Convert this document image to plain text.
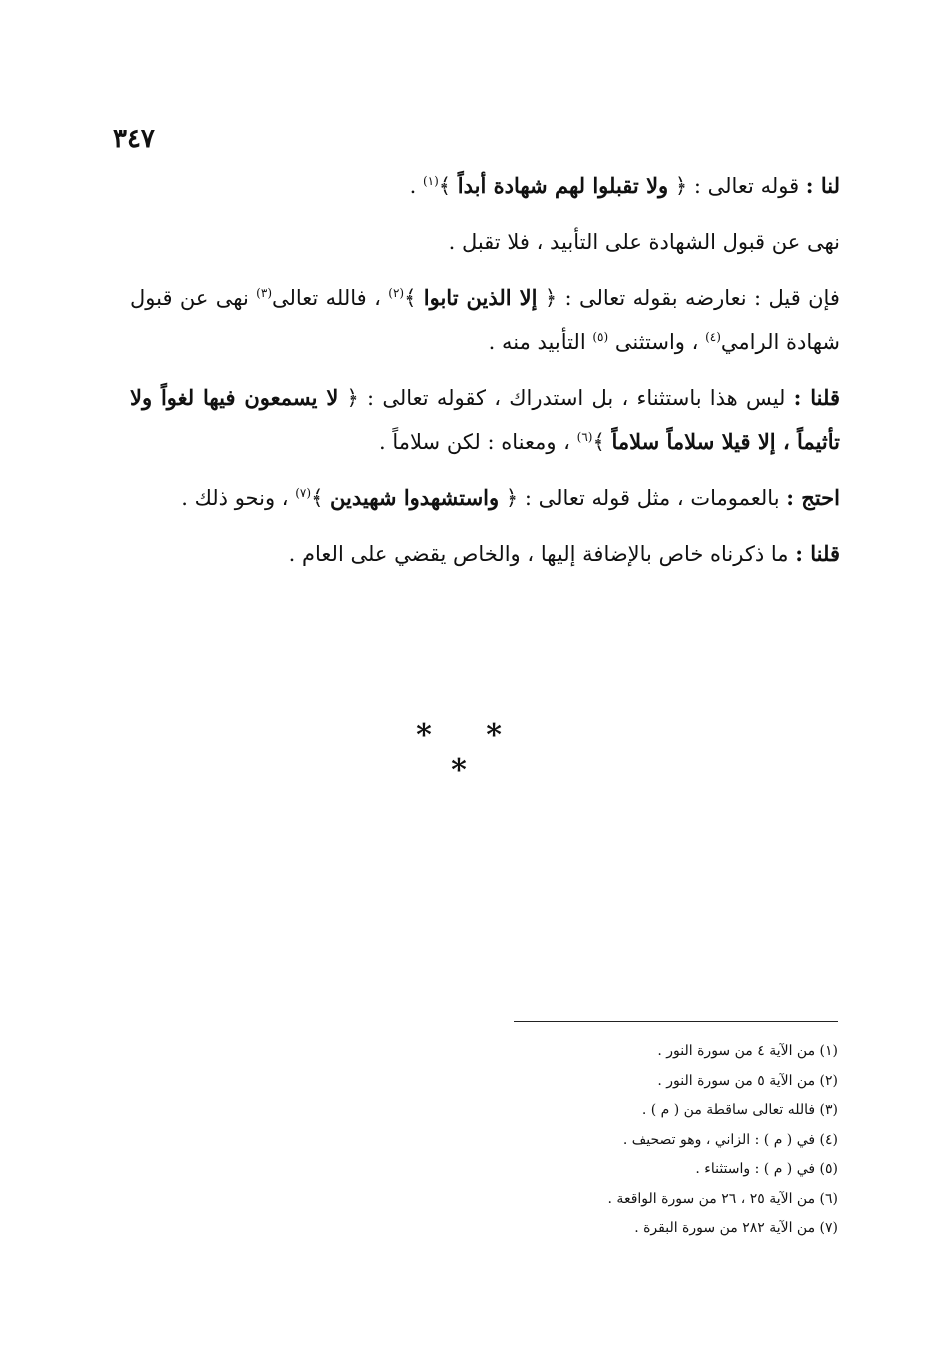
٣٤٧

لنا : قوله تعالى : ﴿ ولا تقبلوا لهم شهادة أبداً ﴾$^{(١)}$ .

نهى عن قبول الشهادة على التأبيد ، فلا تقبل .

فإن قيل : نعارضه بقوله تعالى : ﴿ إلا الذين تابوا ﴾$^{(٢)}$ ، فالله تعالى$^{(٣)}$ نهى عن قبول شهادة الرامي$^{(٤)}$ ، واستثنى $^{(٥)}$ التأبيد منه .

قلنا : ليس هذا باستثناء ، بل استدراك ، كقوله تعالى : ﴿ لا يسمعون فيها لغواً ولا تأثيماً ، إلا قيلا سلاماً سلاماً ﴾$^{(٦)}$ ، ومعناه : لكن سلاماً .

احتج : بالعمومات ، مثل قوله تعالى : ﴿ واستشهدوا شهيدين ﴾$^{(٧)}$ ، ونحو ذلك .

قلنا : ما ذكرناه خاص بالإضافة إليها ، والخاص يقضي على العام .

* * *
(١) من الآية ٤ من سورة النور .
(٢) من الآية ٥ من سورة النور .
(٣) فالله تعالى ساقطة من ( م ) .
(٤) في ( م ) : الزاني ، وهو تصحيف .
(٥) في ( م ) : واستثناء .
(٦) من الآية ٢٥ ، ٢٦ من سورة الواقعة .
(٧) من الآية ٢٨٢ من سورة البقرة .
